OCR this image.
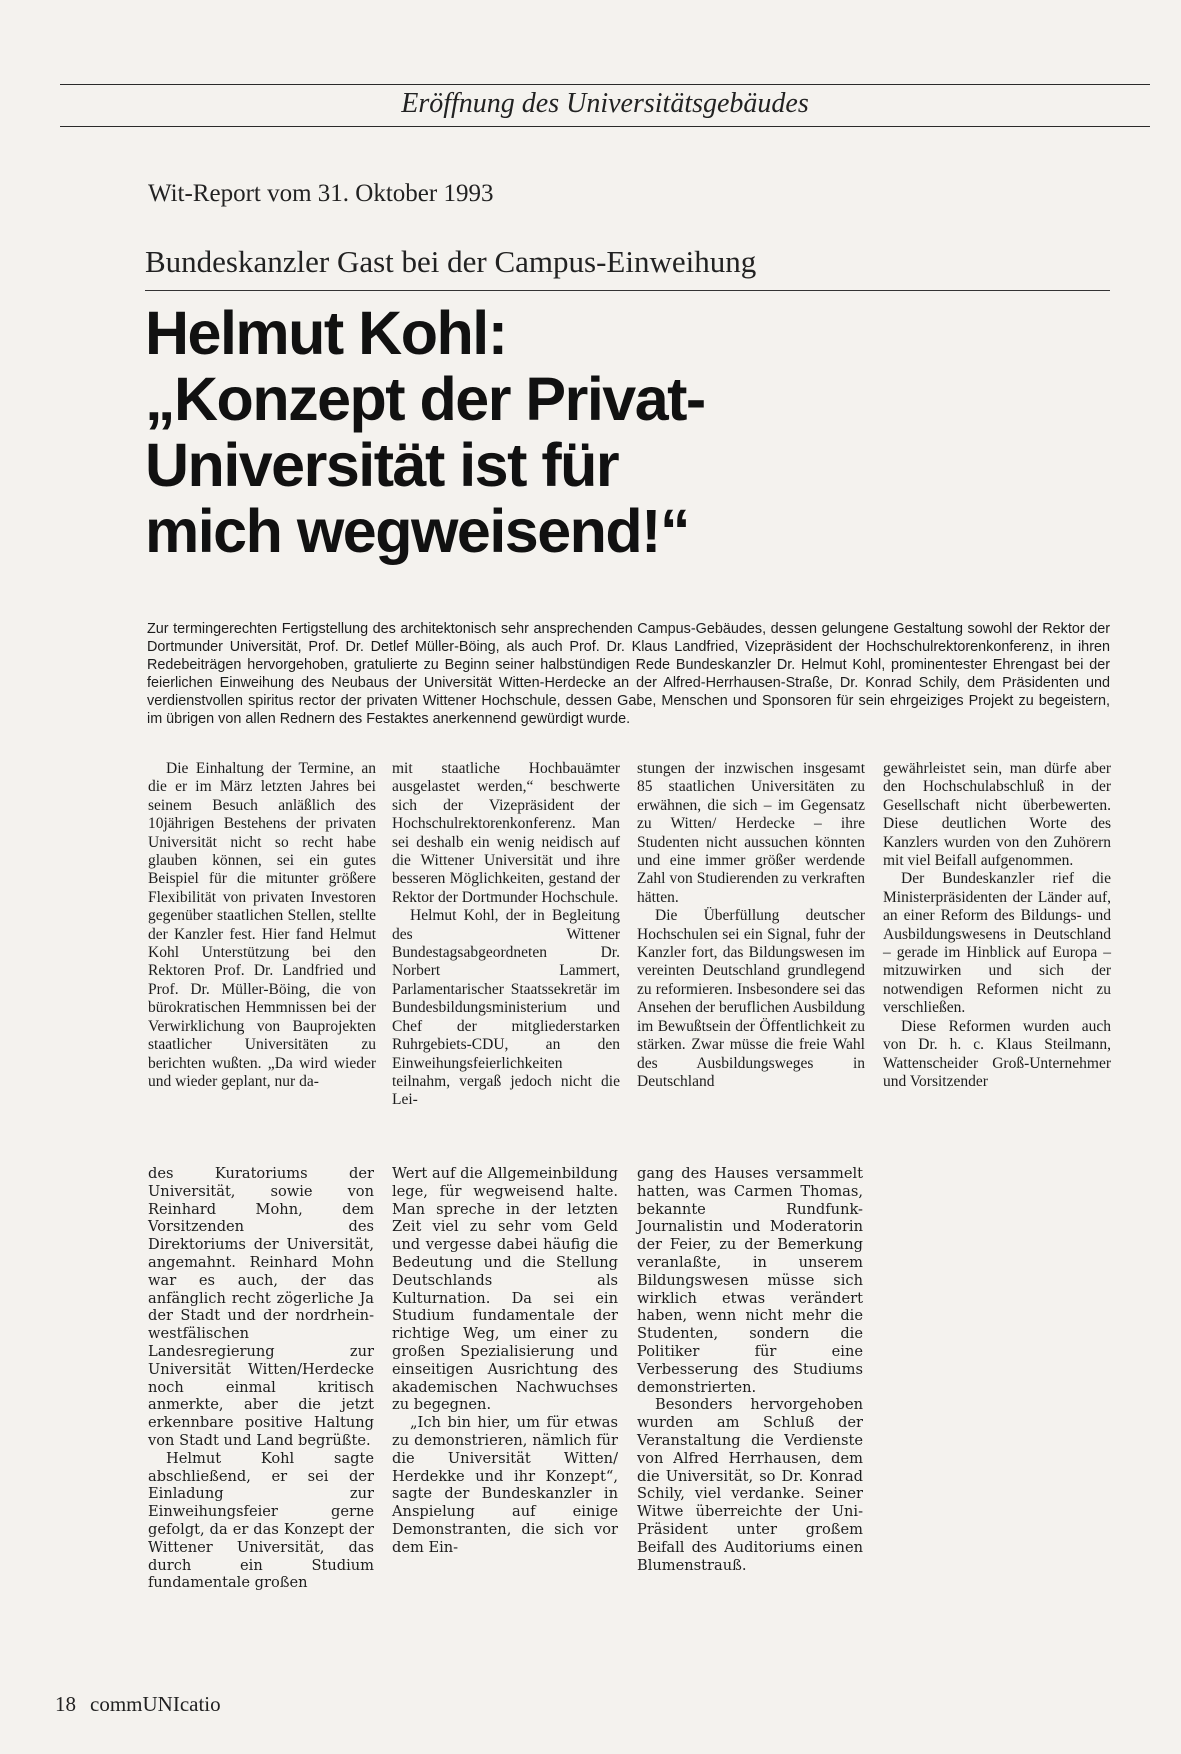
Eröffnung des Universitätsgebäudes
Wit-Report vom 31. Oktober 1993
Bundeskanzler Gast bei der Campus-Einweihung
Helmut Kohl:
„Konzept der Privat-
Universität ist für
mich wegweisend!“
Zur termingerechten Fertigstellung des architektonisch sehr ansprechenden Campus-Gebäudes, dessen gelungene Gestaltung sowohl der Rektor der Dortmunder Universität, Prof. Dr. Detlef Müller-Böing, als auch Prof. Dr. Klaus Landfried, Vizepräsident der Hochschulrektorenkonferenz, in ihren Redebeiträgen hervorgehoben, gratulierte zu Beginn seiner halbstündigen Rede Bundeskanzler Dr. Helmut Kohl, prominentester Ehrengast bei der feierlichen Einweihung des Neubaus der Universität Witten-Herdecke an der Alfred-Herrhausen-Straße, Dr. Konrad Schily, dem Präsidenten und verdienstvollen spiritus rector der privaten Wittener Hochschule, dessen Gabe, Menschen und Sponsoren für sein ehrgeiziges Projekt zu begeistern, im übrigen von allen Rednern des Festaktes anerkennend gewürdigt wurde.

Die Einhaltung der Termine, an die er im März letzten Jahres bei seinem Besuch anläßlich des 10jährigen Bestehens der privaten Universität nicht so recht habe glauben können, sei ein gutes Beispiel für die mitunter größere Flexibilität von privaten Investoren gegenüber staatlichen Stellen, stellte der Kanzler fest. Hier fand Helmut Kohl Unterstützung bei den Rektoren Prof. Dr. Landfried und Prof. Dr. Müller-Böing, die von bürokratischen Hemmnissen bei der Verwirklichung von Bauprojekten staatlicher Universitäten zu berichten wußten. „Da wird wieder und wieder geplant, nur da-

mit staatliche Hochbauämter ausgelastet werden,“ beschwerte sich der Vizepräsident der Hochschulrektorenkonferenz. Man sei deshalb ein wenig neidisch auf die Wittener Universität und ihre besseren Möglichkeiten, gestand der Rektor der Dortmunder Hochschule.

Helmut Kohl, der in Begleitung des Wittener Bundestagsabgeordneten Dr. Norbert Lammert, Parlamentarischer Staatssekretär im Bundesbildungsministerium und Chef der mitgliederstarken Ruhrgebiets-CDU, an den Einweihungsfeierlichkeiten teilnahm, vergaß jedoch nicht die Lei-

stungen der inzwischen insgesamt 85 staatlichen Universitäten zu erwähnen, die sich – im Gegensatz zu Witten/ Herdecke – ihre Studenten nicht aussuchen könnten und eine immer größer werdende Zahl von Studierenden zu verkraften hätten.

Die Überfüllung deutscher Hochschulen sei ein Signal, fuhr der Kanzler fort, das Bildungswesen im vereinten Deutschland grundlegend zu reformieren. Insbesondere sei das Ansehen der beruflichen Ausbildung im Bewußtsein der Öffentlichkeit zu stärken. Zwar müsse die freie Wahl des Ausbildungsweges in Deutschland

gewährleistet sein, man dürfe aber den Hochschulabschluß in der Gesellschaft nicht überbewerten. Diese deutlichen Worte des Kanzlers wurden von den Zuhörern mit viel Beifall aufgenommen.

Der Bundeskanzler rief die Ministerpräsidenten der Länder auf, an einer Reform des Bildungs- und Ausbildungswesens in Deutschland – gerade im Hinblick auf Europa – mitzuwirken und sich der notwendigen Reformen nicht zu verschließen.

Diese Reformen wurden auch von Dr. h. c. Klaus Steilmann, Wattenscheider Groß-Unternehmer und Vorsitzender

des Kuratoriums der Universität, sowie von Reinhard Mohn, dem Vorsitzenden des Direktoriums der Universität, angemahnt. Reinhard Mohn war es auch, der das anfänglich recht zögerliche Ja der Stadt und der nordrhein-westfälischen Landesregierung zur Universität Witten/Herdecke noch einmal kritisch anmerkte, aber die jetzt erkennbare positive Haltung von Stadt und Land begrüßte.

Helmut Kohl sagte abschließend, er sei der Einladung zur Einweihungsfeier gerne gefolgt, da er das Konzept der Wittener Universität, das durch ein Studium fundamentale großen

Wert auf die Allgemeinbildung lege, für wegweisend halte. Man spreche in der letzten Zeit viel zu sehr vom Geld und vergesse dabei häufig die Bedeutung und die Stellung Deutschlands als Kulturnation. Da sei ein Studium fundamentale der richtige Weg, um einer zu großen Spezialisierung und einseitigen Ausrichtung des akademischen Nachwuchses zu begegnen.

„Ich bin hier, um für etwas zu demonstrieren, nämlich für die Universität Witten/ Herdekke und ihr Konzept“, sagte der Bundeskanzler in Anspielung auf einige Demonstranten, die sich vor dem Ein-

gang des Hauses versammelt hatten, was Carmen Thomas, bekannte Rundfunk-Journalistin und Moderatorin der Feier, zu der Bemerkung veranlaßte, in unserem Bildungswesen müsse sich wirklich etwas verändert haben, wenn nicht mehr die Studenten, sondern die Politiker für eine Verbesserung des Studiums demonstrierten.

Besonders hervorgehoben wurden am Schluß der Veranstaltung die Verdienste von Alfred Herrhausen, dem die Universität, so Dr. Konrad Schily, viel verdanke. Seiner Witwe überreichte der Uni-Präsident unter großem Beifall des Auditoriums einen Blumenstrauß.

18 commUNIcatio
